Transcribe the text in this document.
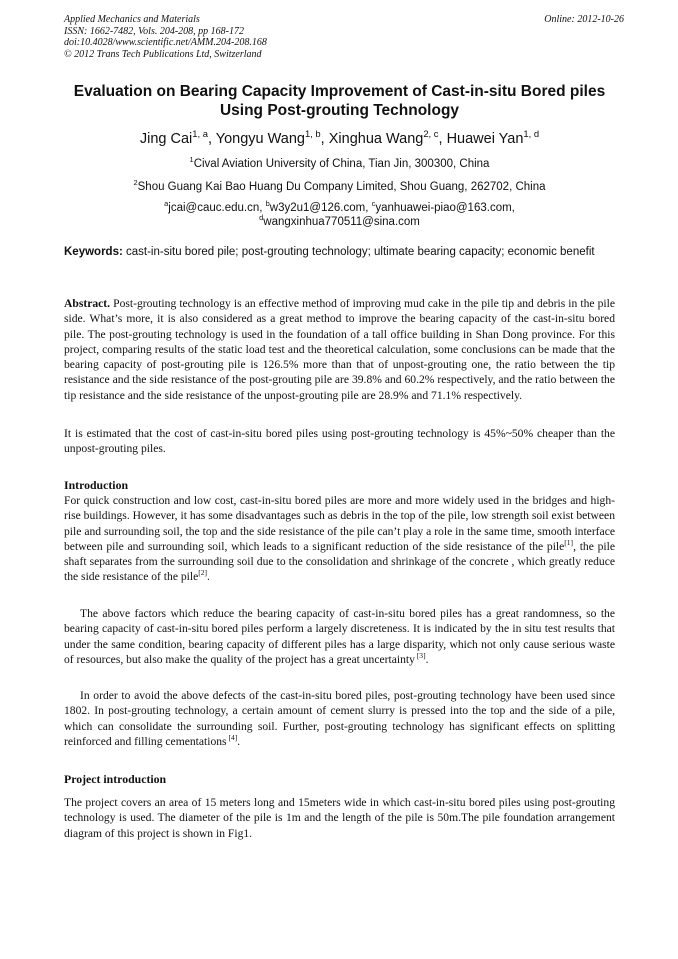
Applied Mechanics and Materials
ISSN: 1662-7482, Vols. 204-208, pp 168-172
doi:10.4028/www.scientific.net/AMM.204-208.168
© 2012 Trans Tech Publications Ltd, Switzerland
Online: 2012-10-26
Evaluation on Bearing Capacity Improvement of Cast-in-situ Bored piles
Using Post-grouting Technology
Jing Cai$^{1, a}$, Yongyu Wang$^{1, b}$, Xinghua Wang$^{2, c}$, Huawei Yan$^{1, d}$
$^1$Cival Aviation University of China, Tian Jin, 300300, China
$^2$Shou Guang Kai Bao Huang Du Company Limited, Shou Guang, 262702, China
$^a$jcai@cauc.edu.cn, $^b$w3y2u1@126.com, $^c$yanhuawei-piao@163.com,
$^d$wangxinhua770511@sina.com
Keywords: cast-in-situ bored pile; post-grouting technology; ultimate bearing capacity; economic benefit
Abstract. Post-grouting technology is an effective method of improving mud cake in the pile tip and debris in the pile side. What’s more, it is also considered as a great method to improve the bearing capacity of the cast-in-situ bored pile. The post-grouting technology is used in the foundation of a tall office building in Shan Dong province. For this project, comparing results of the static load test and the theoretical calculation, some conclusions can be made that the bearing capacity of post-grouting pile is 126.5% more than that of unpost-grouting one, the ratio between the tip resistance and the side resistance of the post-grouting pile are 39.8% and 60.2% respectively, and the ratio between the tip resistance and the side resistance of the unpost-grouting pile are 28.9% and 71.1% respectively.
It is estimated that the cost of cast-in-situ bored piles using post-grouting technology is 45%~50% cheaper than the unpost-grouting piles.
Introduction
For quick construction and low cost, cast-in-situ bored piles are more and more widely used in the bridges and high-rise buildings. However, it has some disadvantages such as debris in the top of the pile, low strength soil exist between pile and surrounding soil, the top and the side resistance of the pile can’t play a role in the same time, smooth interface between pile and surrounding soil, which leads to a significant reduction of the side resistance of the pile[1], the pile shaft separates from the surrounding soil due to the consolidation and shrinkage of the concrete , which greatly reduce the side resistance of the pile[2].
The above factors which reduce the bearing capacity of cast-in-situ bored piles has a great randomness, so the bearing capacity of cast-in-situ bored piles perform a largely discreteness. It is indicated by the in situ test results that under the same condition, bearing capacity of different piles has a large disparity, which not only cause serious waste of resources, but also make the quality of the project has a great uncertainty [3].
In order to avoid the above defects of the cast-in-situ bored piles, post-grouting technology have been used since 1802. In post-grouting technology, a certain amount of cement slurry is pressed into the top and the side of a pile, which can consolidate the surrounding soil. Further, post-grouting technology has significant effects on splitting reinforced and filling cementations [4].
Project introduction
The project covers an area of 15 meters long and 15meters wide in which cast-in-situ bored piles using post-grouting technology is used. The diameter of the pile is 1m and the length of the pile is 50m.The pile foundation arrangement diagram of this project is shown in Fig1.
